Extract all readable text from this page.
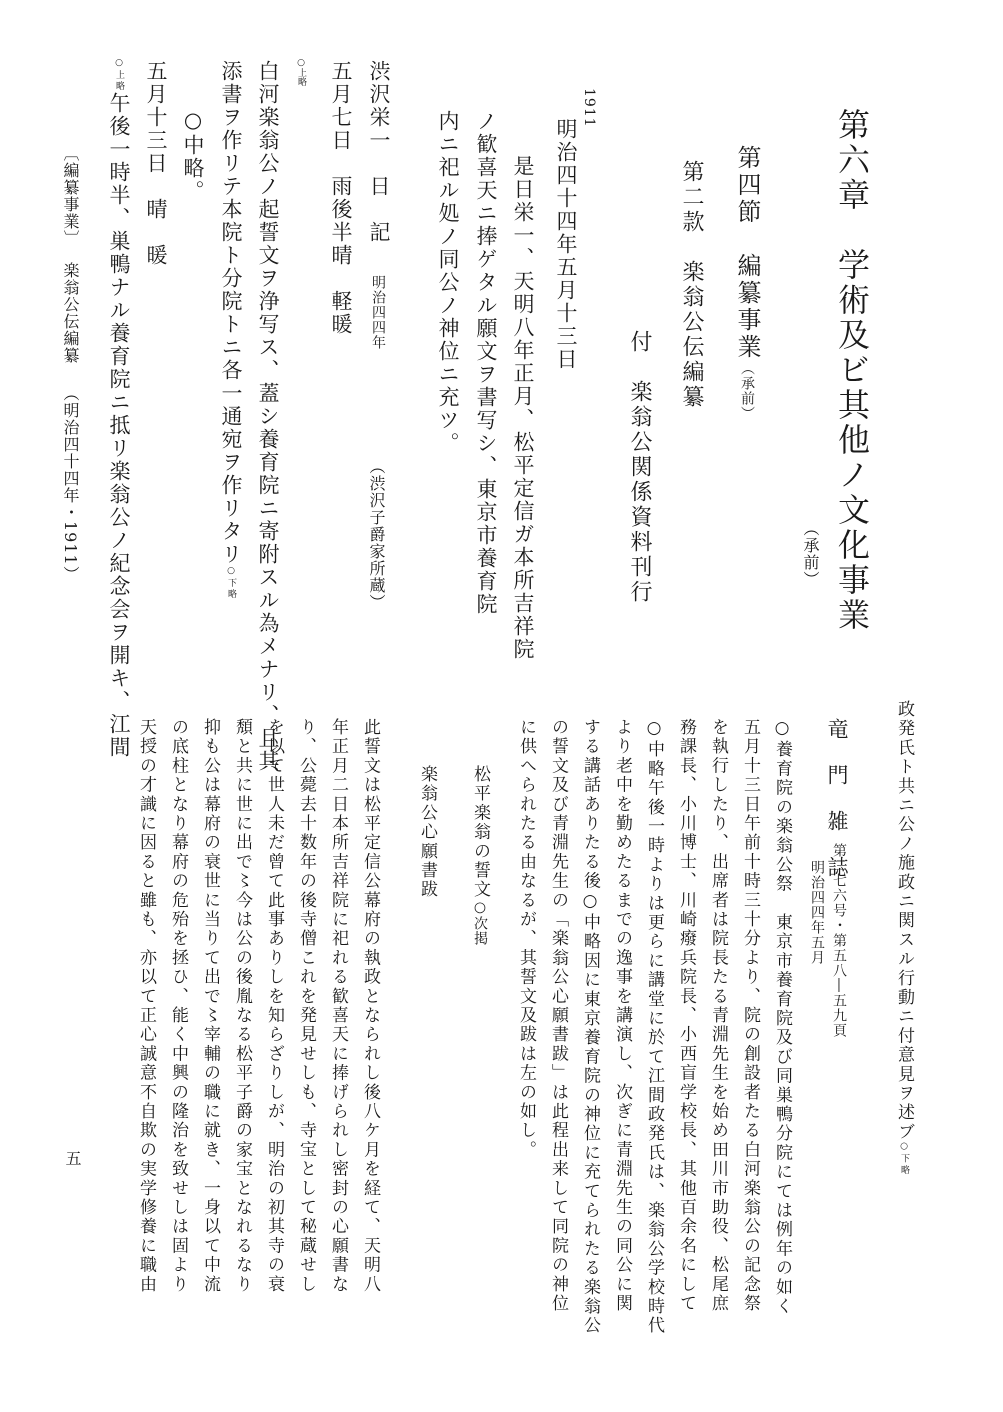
第六章　学術及ビ其他ノ文化事業
（承前）
第四節　編纂事業（承前）
第二款　楽翁公伝編纂
付　楽翁公関係資料刊行
1911
明治四十四年五月十三日
是日栄一、天明八年正月、松平定信ガ本所吉祥院
ノ歓喜天ニ捧ゲタル願文ヲ書写シ、東京市養育院
内ニ祀ル処ノ同公ノ神位ニ充ツ。
渋沢栄一　日　記
明治四四年
（渋沢子爵家所蔵）
五月七日　雨後半晴　軽暖
○上略
白河楽翁公ノ起誓文ヲ浄写ス、蓋シ養育院ニ寄附スル為メナリ、且其
添書ヲ作リテ本院ト分院トニ各一通宛ヲ作リタリ○下略
○中略。
五月十三日　晴　暖
○上略午後一時半、巣鴨ナル養育院ニ抵リ楽翁公ノ紀念会ヲ開キ、江間
〔編纂事業〕
楽翁公伝編纂
（明治四十四年・1911）
政発氏ト共ニ公ノ施政ニ関スル行動ニ付意見ヲ述ブ○下略
竜　門　雑　誌
第二七六号・第五八―五九頁
明治四四年五月
○養育院の楽翁公祭　東京市養育院及び同巣鴨分院にては例年の如く
五月十三日午前十時三十分より、院の創設者たる白河楽翁公の記念祭
を執行したり、出席者は院長たる青淵先生を始め田川市助役、松尾庶
務課長、小川博士、川崎癈兵院長、小西盲学校長、其他百余名にして
○中略午後一時よりは更らに講堂に於て江間政発氏は、楽翁公学校時代
より老中を勤めたるまでの逸事を講演し、次ぎに青淵先生の同公に関
する講話ありたる後○中略因に東京養育院の神位に充てられたる楽翁公
の誓文及び青淵先生の「楽翁公心願書跋」は此程出来して同院の神位
に供へられたる由なるが、其誓文及跋は左の如し。
松平楽翁の誓文○次掲
楽翁公心願書跋
此誓文は松平定信公幕府の執政となられし後八ケ月を経て、天明八
年正月二日本所吉祥院に祀れる歓喜天に捧げられし密封の心願書な
り、公薨去十数年の後寺僧これを発見せしも、寺宝として秘蔵せし
を以て世人未だ曾て此事ありしを知らざりしが、明治の初其寺の衰
頽と共に世に出で〻今は公の後胤なる松平子爵の家宝となれるなり
抑も公は幕府の衰世に当りて出で〻宰輔の職に就き、一身以て中流
の底柱となり幕府の危殆を拯ひ、能く中興の隆治を致せしは固より
天授の才識に因ると雖も、亦以て正心誠意不自欺の実学修養に職由
五
